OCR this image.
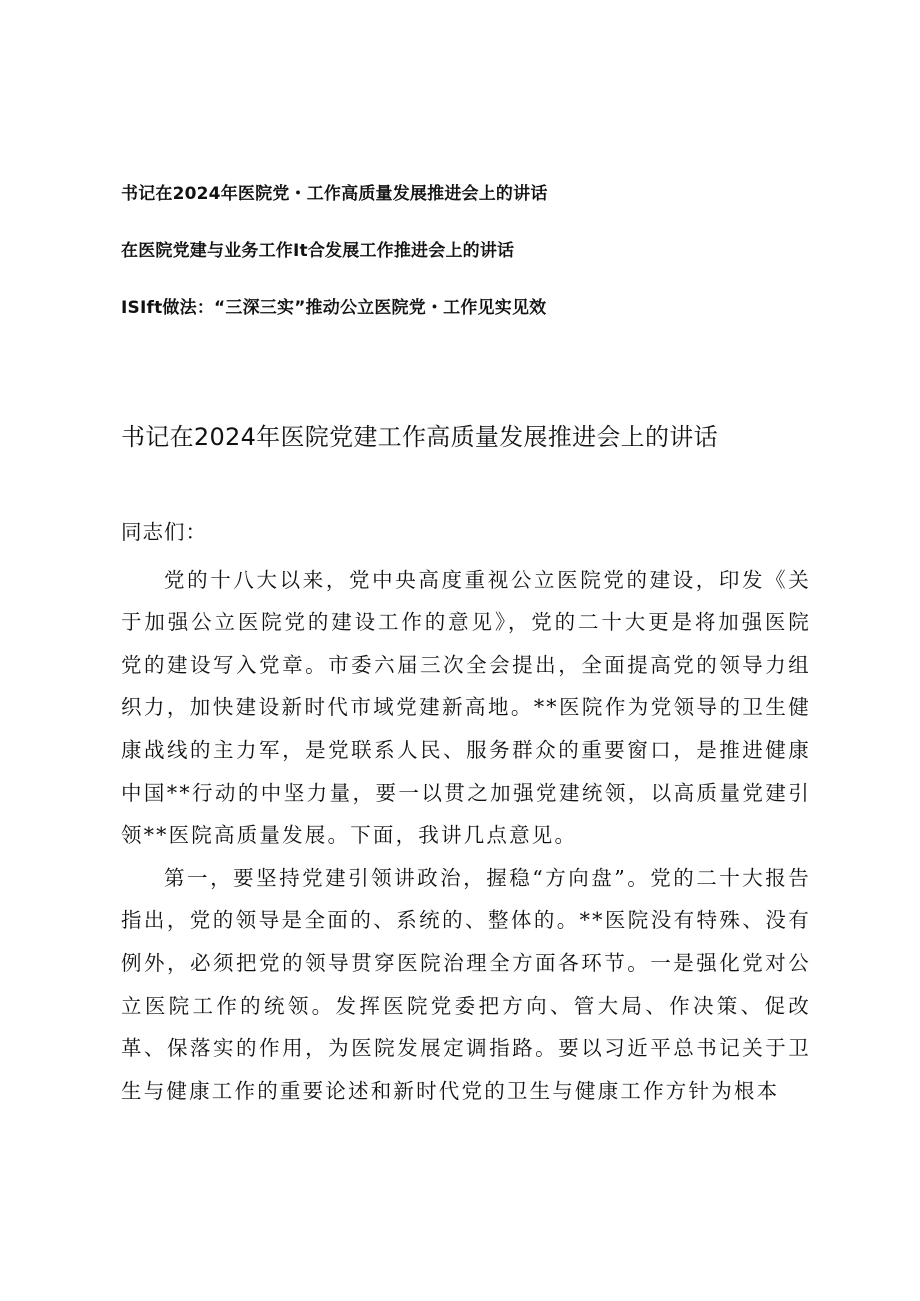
书记在2024年医院党・工作高质量发展推进会上的讲话
在医院党建与业务工作It合发展工作推进会上的讲话
ISIft做法：“三深三实”推动公立医院党・工作见实见效
书记在2024年医院党建工作高质量发展推进会上的讲话

同志们：

党的十八大以来，党中央高度重视公立医院党的建设，印发《关于加强公立医院党的建设工作的意见》，党的二十大更是将加强医院党的建设写入党章。市委六届三次全会提出，全面提高党的领导力组织力，加快建设新时代市域党建新高地。**医院作为党领导的卫生健康战线的主力军，是党联系人民、服务群众的重要窗口，是推进健康中国**行动的中坚力量，要一以贯之加强党建统领，以高质量党建引领**医院高质量发展。下面，我讲几点意见。

第一，要坚持党建引领讲政治，握稳“方向盘”。党的二十大报告指出，党的领导是全面的、系统的、整体的。**医院没有特殊、没有例外，必须把党的领导贯穿医院治理全方面各环节。一是强化党对公立医院工作的统领。发挥医院党委把方向、管大局、作决策、促改革、保落实的作用，为医院发展定调指路。要以习近平总书记关于卫生与健康工作的重要论述和新时代党的卫生与健康工作方针为根本
